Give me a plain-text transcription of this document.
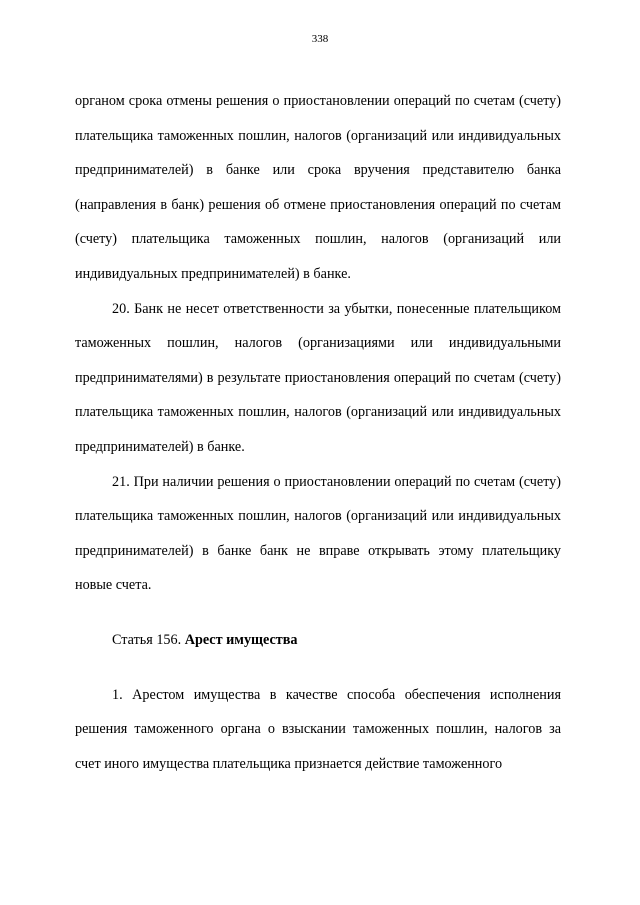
338

органом срока отмены решения о приостановлении операций по счетам (счету) плательщика таможенных пошлин, налогов (организаций или индивидуальных предпринимателей) в банке или срока вручения представителю банка (направления в банк) решения об отмене приостановления операций по счетам (счету) плательщика таможенных пошлин, налогов (организаций или индивидуальных предпринимателей) в банке.

20. Банк не несет ответственности за убытки, понесенные плательщиком таможенных пошлин, налогов (организациями или индивидуальными предпринимателями) в результате приостановления операций по счетам (счету) плательщика таможенных пошлин, налогов (организаций или индивидуальных предпринимателей) в банке.

21. При наличии решения о приостановлении операций по счетам (счету) плательщика таможенных пошлин, налогов (организаций или индивидуальных предпринимателей) в банке банк не вправе открывать этому плательщику новые счета.

Статья 156. Арест имущества

1. Арестом имущества в качестве способа обеспечения исполнения решения таможенного органа о взыскании таможенных пошлин, налогов за счет иного имущества плательщика признается действие таможенного
